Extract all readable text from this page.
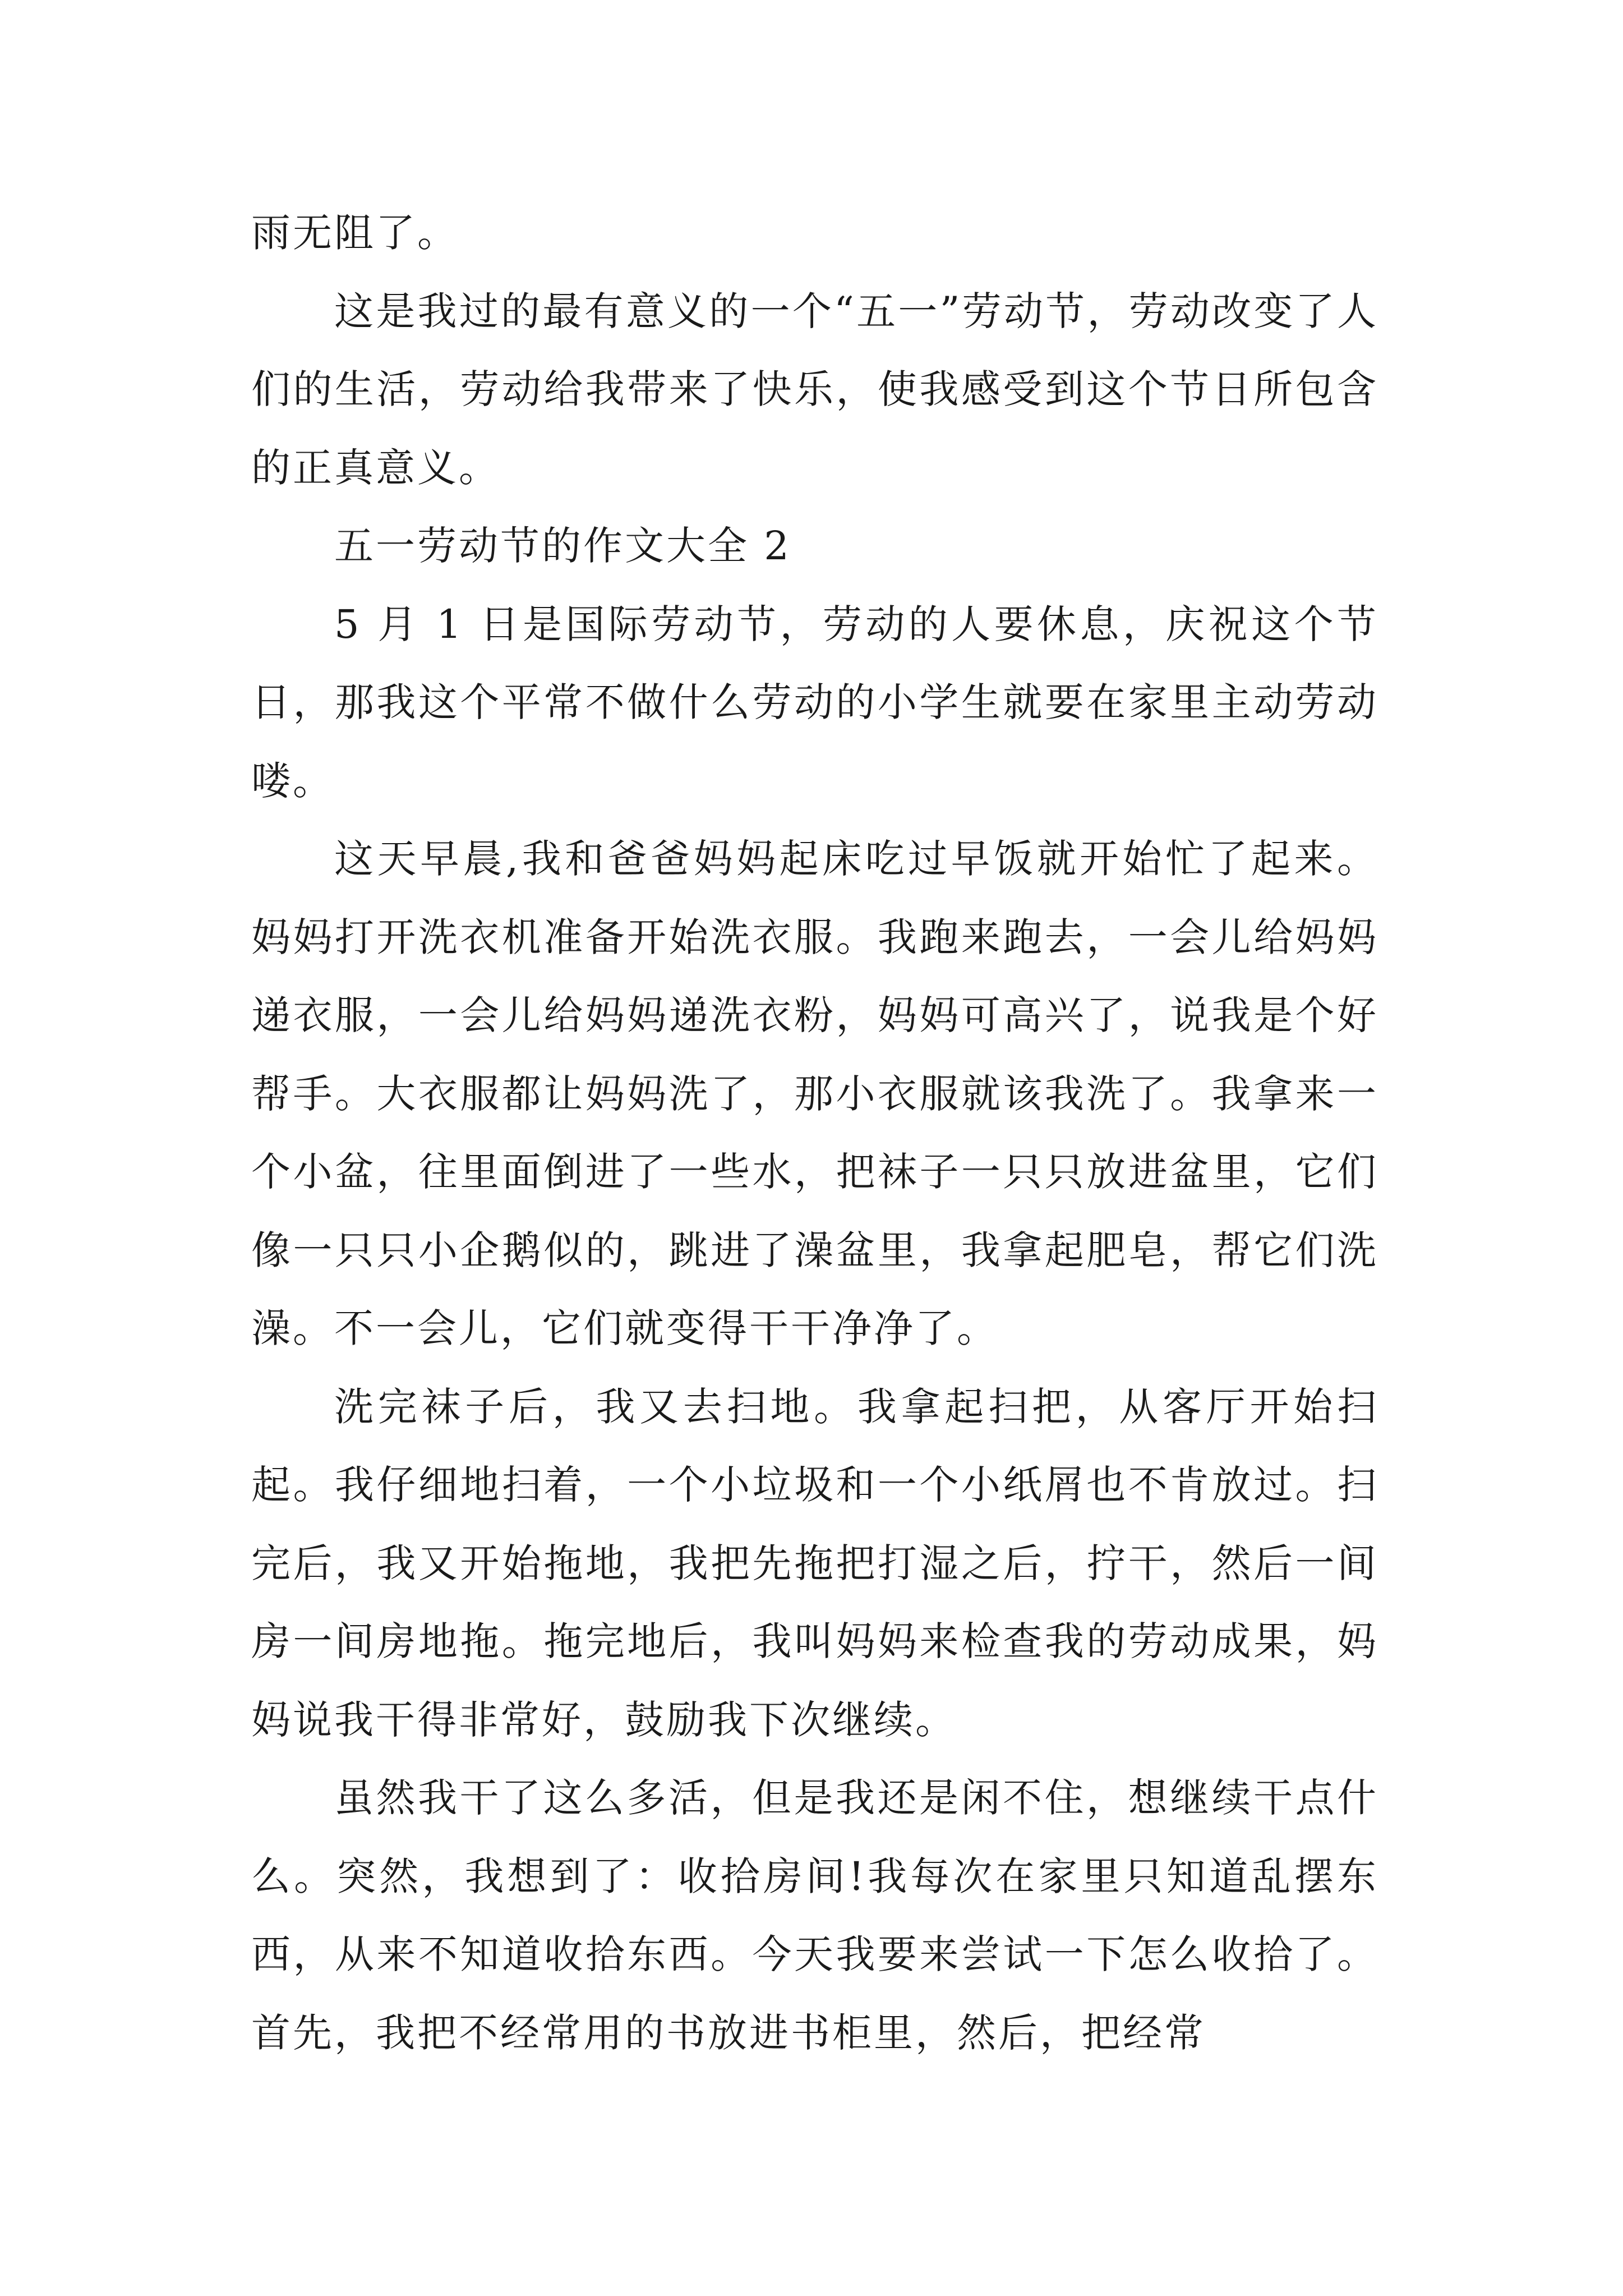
雨无阻了。

这是我过的最有意义的一个“五一”劳动节，劳动改变了人们的生活，劳动给我带来了快乐，使我感受到这个节日所包含的正真意义。

五一劳动节的作文大全 2

5 月 1 日是国际劳动节，劳动的人要休息，庆祝这个节日，那我这个平常不做什么劳动的小学生就要在家里主动劳动喽。

这天早晨,我和爸爸妈妈起床吃过早饭就开始忙了起来。妈妈打开洗衣机准备开始洗衣服。我跑来跑去，一会儿给妈妈递衣服，一会儿给妈妈递洗衣粉，妈妈可高兴了，说我是个好帮手。大衣服都让妈妈洗了，那小衣服就该我洗了。我拿来一个小盆，往里面倒进了一些水，把袜子一只只放进盆里，它们像一只只小企鹅似的，跳进了澡盆里，我拿起肥皂，帮它们洗澡。不一会儿，它们就变得干干净净了。

洗完袜子后，我又去扫地。我拿起扫把，从客厅开始扫起。我仔细地扫着，一个小垃圾和一个小纸屑也不肯放过。扫完后，我又开始拖地，我把先拖把打湿之后，拧干，然后一间房一间房地拖。拖完地后，我叫妈妈来检查我的劳动成果，妈妈说我干得非常好，鼓励我下次继续。

虽然我干了这么多活，但是我还是闲不住，想继续干点什么。突然，我想到了：收拾房间!我每次在家里只知道乱摆东西，从来不知道收拾东西。今天我要来尝试一下怎么收拾了。首先，我把不经常用的书放进书柜里，然后，把经常
